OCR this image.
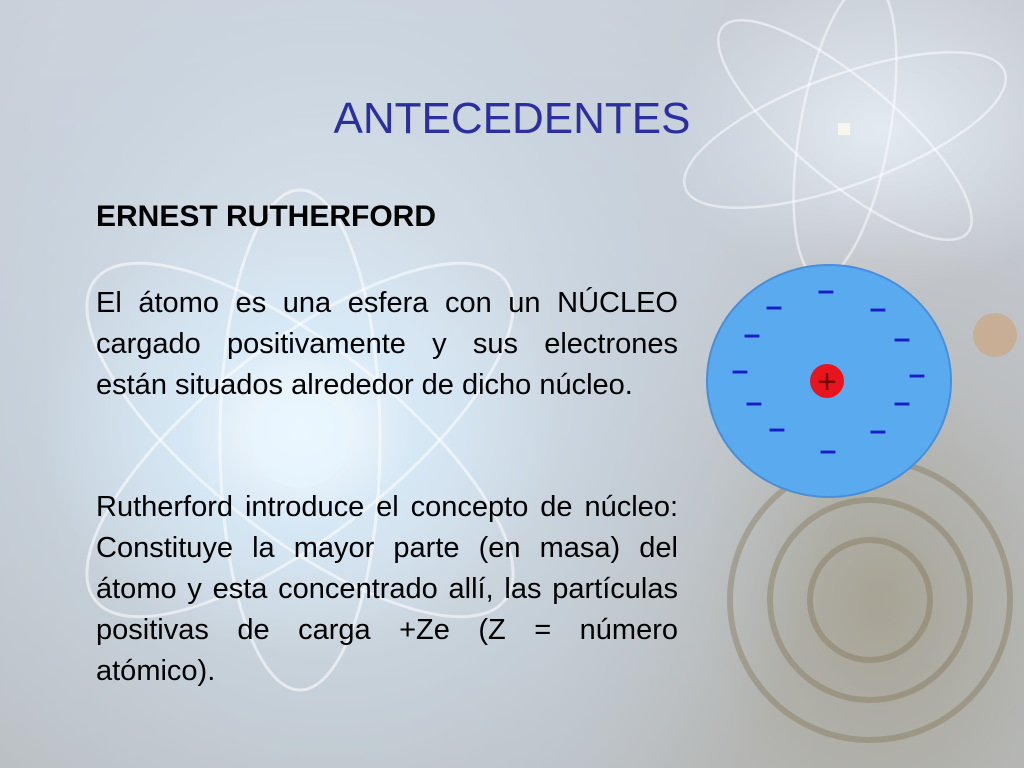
ANTECEDENTES
ERNEST RUTHERFORD
El átomo es una esfera con un NÚCLEO cargado positivamente y sus electrones están situados alrededor de dicho núcleo.
Rutherford introduce el concepto de núcleo: Constituye la mayor parte (en masa) del átomo y esta concentrado allí, las partículas positivas de carga +Ze (Z = número atómico).
+
–
–	–
–	–
–	–
–	–
–	–
–
